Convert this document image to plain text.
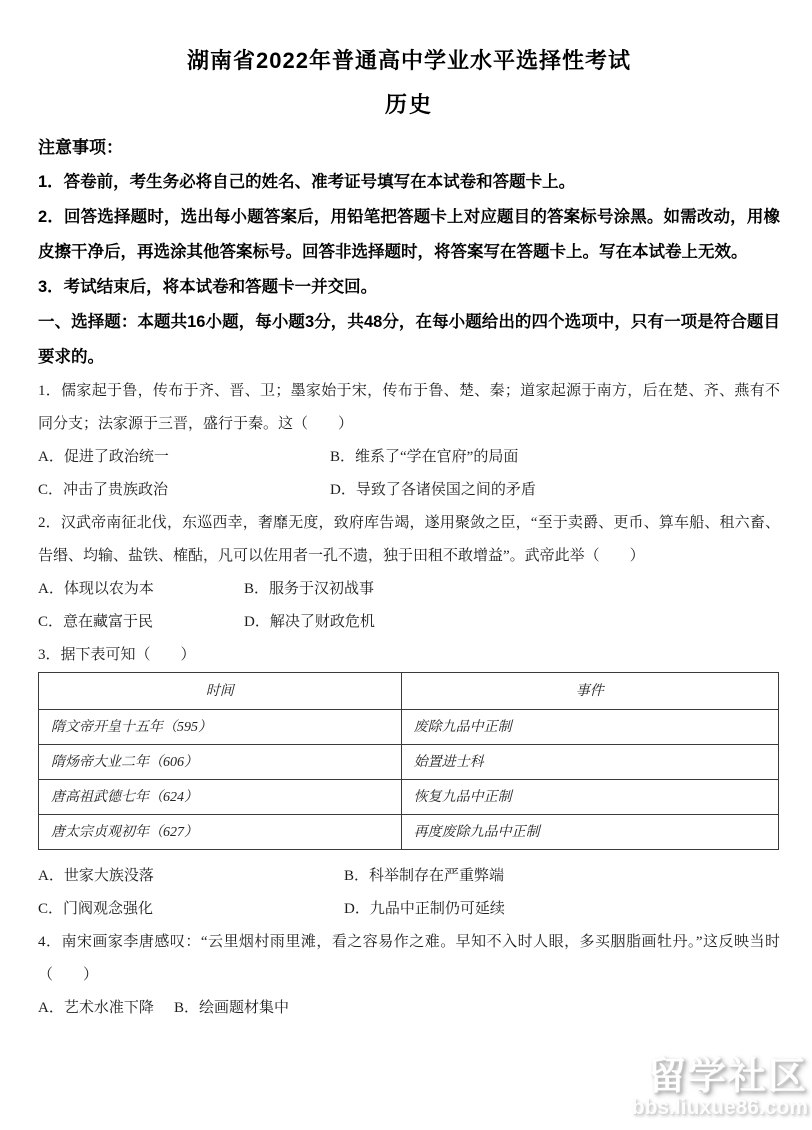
湖南省2022年普通高中学业水平选择性考试
历史
注意事项：

1．答卷前，考生务必将自己的姓名、准考证号填写在本试卷和答题卡上。

2．回答选择题时，选出每小题答案后，用铅笔把答题卡上对应题目的答案标号涂黑。如需改动，用橡皮擦干净后，再选涂其他答案标号。回答非选择题时，将答案写在答题卡上。写在本试卷上无效。

3．考试结束后，将本试卷和答题卡一并交回。

一、选择题：本题共16小题，每小题3分，共48分，在每小题给出的四个选项中，只有一项是符合题目要求的。

1．儒家起于鲁，传布于齐、晋、卫；墨家始于宋，传布于鲁、楚、秦；道家起源于南方，后在楚、齐、燕有不同分支；法家源于三晋，盛行于秦。这（　　）

A．促进了政治统一	B．维系了“学在官府”的局面
C．冲击了贵族政治	D．导致了各诸侯国之间的矛盾

2．汉武帝南征北伐，东巡西幸，奢靡无度，致府库告竭，遂用聚敛之臣，“至于卖爵、更币、算车船、租六畜、告缗、均输、盐铁、榷酤，凡可以佐用者一孔不遗，独于田租不敢增益”。武帝此举（　　）

A．体现以农为本	B．服务于汉初战事
C．意在藏富于民	D．解决了财政危机

3．据下表可知（　　）

时间	事件
隋文帝开皇十五年（595）	废除九品中正制
隋炀帝大业二年（606）	始置进士科
唐高祖武德七年（624）	恢复九品中正制
唐太宗贞观初年（627）	再度废除九品中正制
A．世家大族没落	B．科举制存在严重弊端
C．门阀观念强化	D．九品中正制仍可延续

4．南宋画家李唐感叹：“云里烟村雨里滩，看之容易作之难。早知不入时人眼，多买胭脂画牡丹。”这反映当时（　　）

A．艺术水准下降	B．绘画题材集中
留学社区
bbs.liuxue86.com
